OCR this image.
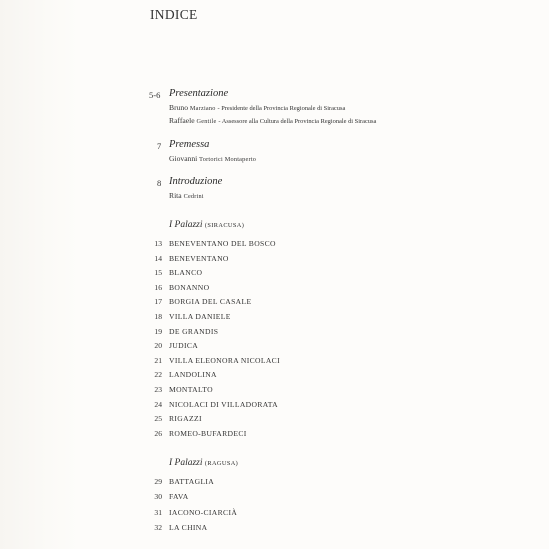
INDICE
5-6 Presentazione
Bruno Marziano - Presidente della Provincia Regionale di Siracusa
Raffaele Gentile - Assessore alla Cultura della Provincia Regionale di Siracusa
7 Premessa
Giovanni Tortorici Montaperto
8 Introduzione
Rita Cedrini
I Palazzi (SIRACUSA)
13 BENEVENTANO DEL BOSCO
14 BENEVENTANO
15 BLANCO
16 BONANNO
17 BORGIA DEL CASALE
18 VILLA DANIELE
19 DE GRANDIS
20 JUDICA
21 VILLA ELEONORA NICOLACI
22 LANDOLINA
23 MONTALTO
24 NICOLACI DI VILLADORATA
25 RIGAZZI
26 ROMEO-BUFARDECI
I Palazzi (RAGUSA)
29 BATTAGLIA
30 FAVA
31 IACONO-CIARCIÀ
32 LA CHINA
